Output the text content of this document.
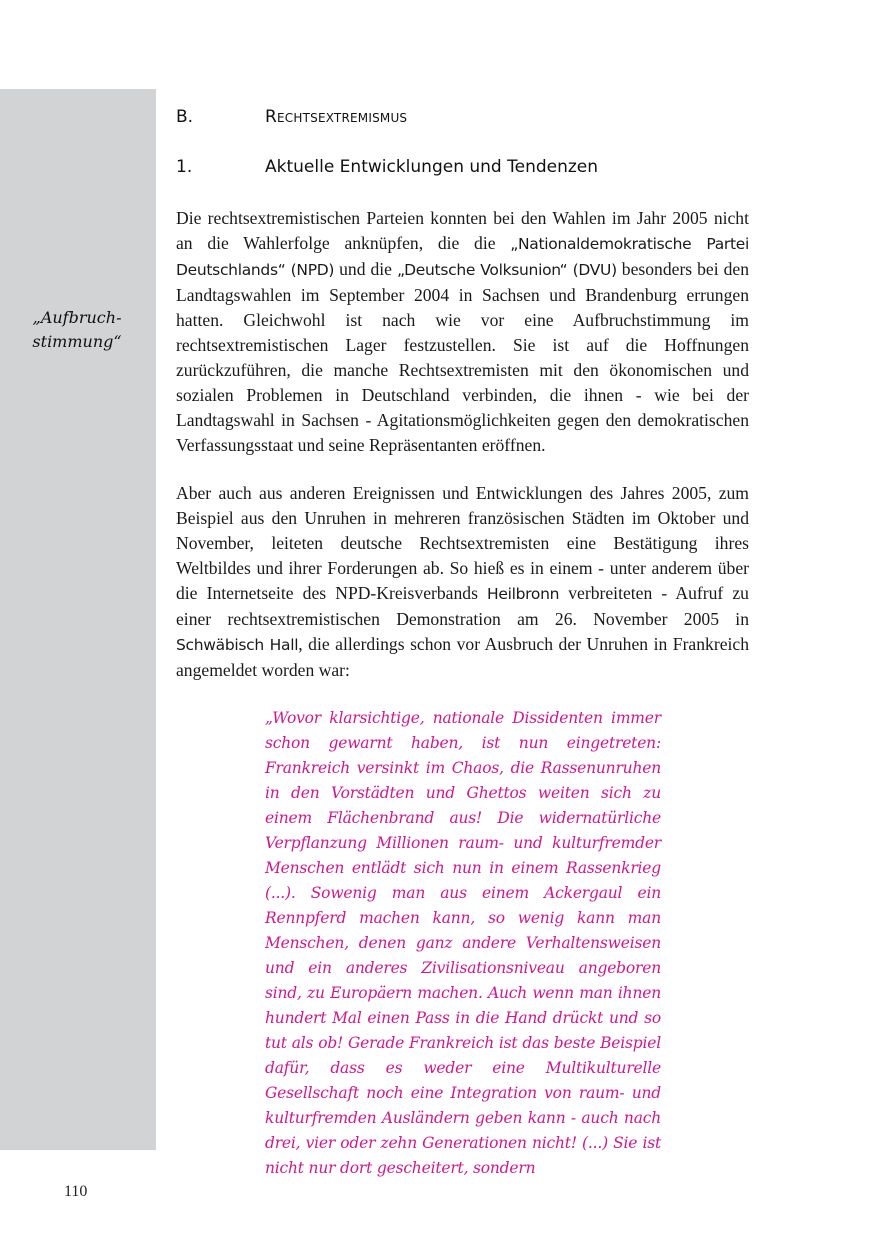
„Aufbruch-stimmung“
B.	Rechtsextremismus
1.	Aktuelle Entwicklungen und Tendenzen

Die rechtsextremistischen Parteien konnten bei den Wahlen im Jahr 2005 nicht an die Wahlerfolge anknüpfen, die die „Nationaldemokratische Partei Deutschlands“ (NPD) und die „Deutsche Volksunion“ (DVU) besonders bei den Landtagswahlen im September 2004 in Sachsen und Brandenburg errungen hatten. Gleichwohl ist nach wie vor eine Aufbruchstimmung im rechtsextremistischen Lager festzustellen. Sie ist auf die Hoffnungen zurückzuführen, die manche Rechtsextremisten mit den ökonomischen und sozialen Problemen in Deutschland verbinden, die ihnen - wie bei der Landtagswahl in Sachsen - Agitationsmöglichkeiten gegen den demokratischen Verfassungsstaat und seine Repräsentanten eröffnen.

Aber auch aus anderen Ereignissen und Entwicklungen des Jahres 2005, zum Beispiel aus den Unruhen in mehreren französischen Städten im Oktober und November, leiteten deutsche Rechtsextremisten eine Bestätigung ihres Weltbildes und ihrer Forderungen ab. So hieß es in einem - unter anderem über die Internetseite des NPD-Kreisverbands Heilbronn verbreiteten - Aufruf zu einer rechtsextremistischen Demonstration am 26. November 2005 in Schwäbisch Hall, die allerdings schon vor Ausbruch der Unruhen in Frankreich angemeldet worden war:

„Wovor klarsichtige, nationale Dissidenten immer schon gewarnt haben, ist nun eingetreten: Frankreich versinkt im Chaos, die Rassenunruhen in den Vorstädten und Ghettos weiten sich zu einem Flächenbrand aus! Die widernatürliche Verpflanzung Millionen raum- und kulturfremder Menschen entlädt sich nun in einem Rassenkrieg (...). Sowenig man aus einem Ackergaul ein Rennpferd machen kann, so wenig kann man Menschen, denen ganz andere Verhaltensweisen und ein anderes Zivilisationsniveau angeboren sind, zu Europäern machen. Auch wenn man ihnen hundert Mal einen Pass in die Hand drückt und so tut als ob! Gerade Frankreich ist das beste Beispiel dafür, dass es weder eine Multikulturelle Gesellschaft noch eine Integration von raum- und kulturfremden Ausländern geben kann - auch nach drei, vier oder zehn Generationen nicht! (...) Sie ist nicht nur dort gescheitert, sondern

110
